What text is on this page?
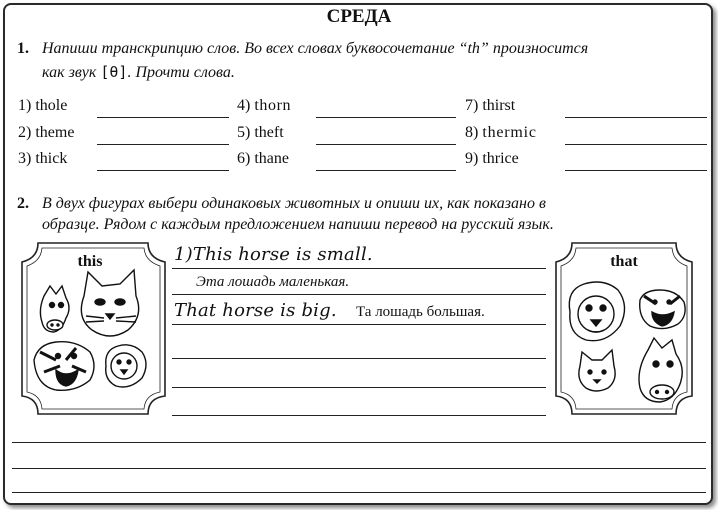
СРЕДА
1. Напиши транскрипцию слов. Во всех словах буквосочетание “th” произносится
как звук [θ]. Прочти слова.
1) thole
2) theme
3) thick
4) thorn
5) theft
6) thane
7) thirst
8) thermic
9) thrice
2. В двух фигурах выбери одинаковых животных и опиши их, как показано в
образце. Рядом с каждым предложением напиши перевод на русский язык.
this	that
1)This horse is small.
Эта лошадь маленькая.
That horse is big. Та лошадь большая.
